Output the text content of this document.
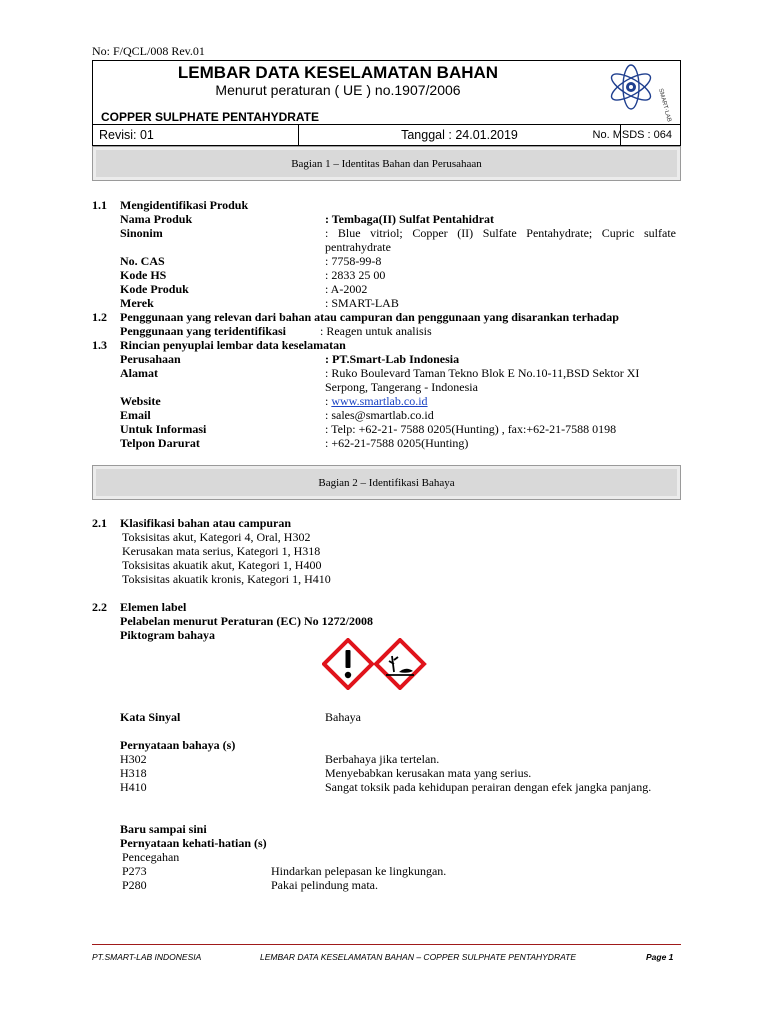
No: F/QCL/008 Rev.01
LEMBAR DATA KESELAMATAN BAHAN
Menurut peraturan ( UE ) no.1907/2006
COPPER SULPHATE PENTAHYDRATE	SMART·LAB
Revisi: 01	Tanggal : 24.01.2019	No. MSDS : 064
Bagian 1 – Identitas Bahan dan Perusahaan
1.1 Mengidentifikasi Produk
Nama Produk	: Tembaga(II) Sulfat Pentahidrat
Sinonim	: Blue vitriol; Copper (II) Sulfate Pentahydrate; Cupric sulfate pentrahydrate
No. CAS	: 7758-99-8
Kode HS	: 2833 25 00
Kode Produk	: A-2002
Merek	: SMART-LAB
1.2 Penggunaan yang relevan dari bahan atau campuran dan penggunaan yang disarankan terhadap
Penggunaan yang teridentifikasi	: Reagen untuk analisis
1.3 Rincian penyuplai lembar data keselamatan
Perusahaan	: PT.Smart-Lab Indonesia
Alamat	: Ruko Boulevard Taman Tekno Blok E No.10-11,BSD Sektor XI Serpong, Tangerang - Indonesia
Website	: www.smartlab.co.id
Email	: sales@smartlab.co.id
Untuk Informasi	: Telp: +62-21- 7588 0205(Hunting) , fax:+62-21-7588 0198
Telpon Darurat	: +62-21-7588 0205(Hunting)
Bagian 2 – Identifikasi Bahaya
2.1 Klasifikasi bahan atau campuran
Toksisitas akut, Kategori 4, Oral, H302
Kerusakan mata serius, Kategori 1, H318
Toksisitas akuatik akut, Kategori 1, H400
Toksisitas akuatik kronis, Kategori 1, H410
2.2 Elemen label
Pelabelan menurut Peraturan (EC) No 1272/2008
Piktogram bahaya
Kata Sinyal	Bahaya
Pernyataan bahaya (s)
H302	Berbahaya jika tertelan.
H318	Menyebabkan kerusakan mata yang serius.
H410	Sangat toksik pada kehidupan perairan dengan efek jangka panjang.
Baru sampai sini
Pernyataan kehati-hatian (s)
Pencegahan
P273	Hindarkan pelepasan ke lingkungan.
P280	Pakai pelindung mata.
PT.SMART-LAB INDONESIA	LEMBAR DATA KESELAMATAN BAHAN – COPPER SULPHATE PENTAHYDRATE	Page 1
